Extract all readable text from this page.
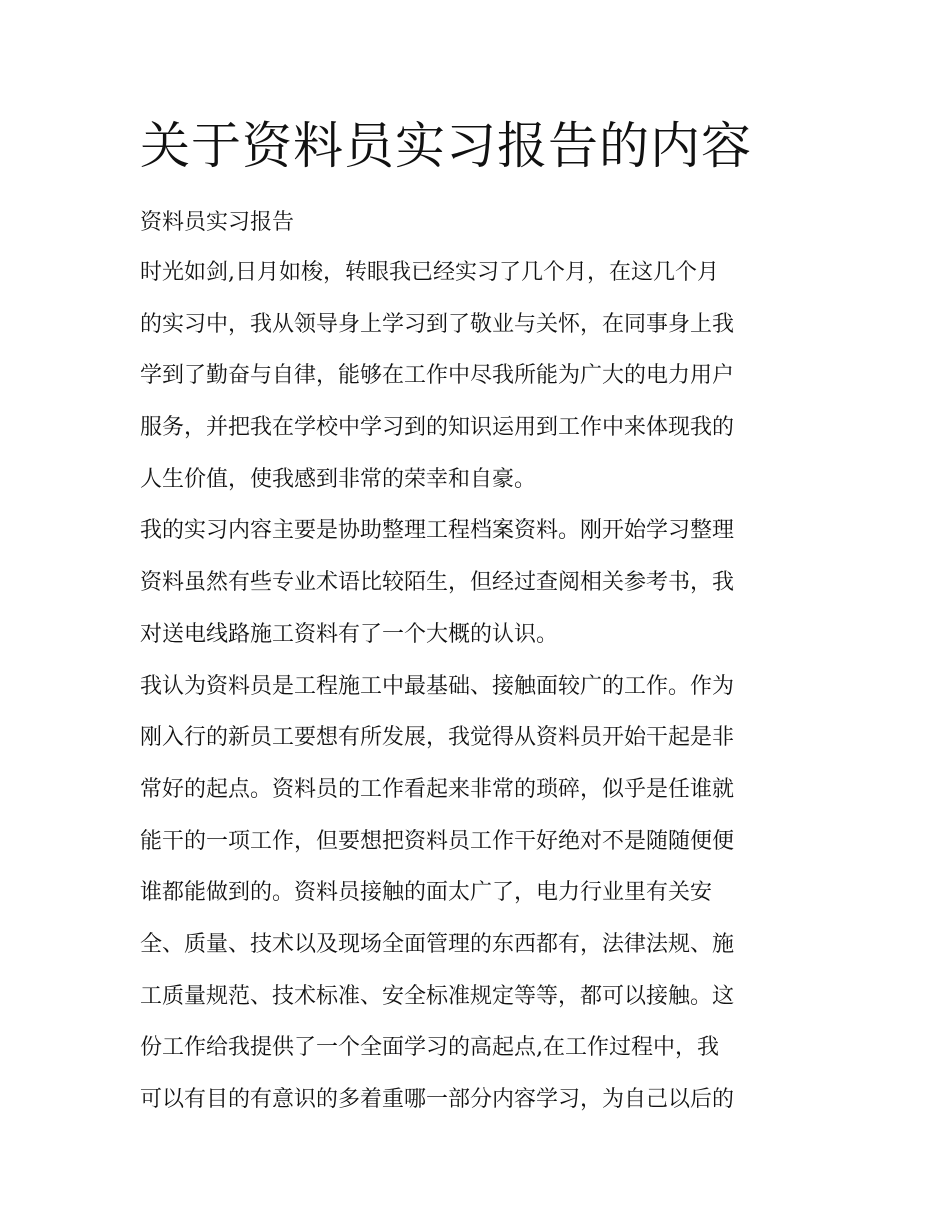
关于资料员实习报告的内容

资料员实习报告

时光如剑,日月如梭，转眼我已经实习了几个月，在这几个月
的实习中，我从领导身上学习到了敬业与关怀，在同事身上我
学到了勤奋与自律，能够在工作中尽我所能为广大的电力用户
服务，并把我在学校中学习到的知识运用到工作中来体现我的
人生价值，使我感到非常的荣幸和自豪。
我的实习内容主要是协助整理工程档案资料。刚开始学习整理
资料虽然有些专业术语比较陌生，但经过查阅相关参考书，我
对送电线路施工资料有了一个大概的认识。
我认为资料员是工程施工中最基础、接触面较广的工作。作为
刚入行的新员工要想有所发展，我觉得从资料员开始干起是非
常好的起点。资料员的工作看起来非常的琐碎，似乎是任谁就
能干的一项工作，但要想把资料员工作干好绝对不是随随便便
谁都能做到的。资料员接触的面太广了，电力行业里有关安
全、质量、技术以及现场全面管理的东西都有，法律法规、施
工质量规范、技术标准、安全标准规定等等，都可以接触。这
份工作给我提供了一个全面学习的高起点,在工作过程中，我
可以有目的有意识的多着重哪一部分内容学习，为自己以后的
